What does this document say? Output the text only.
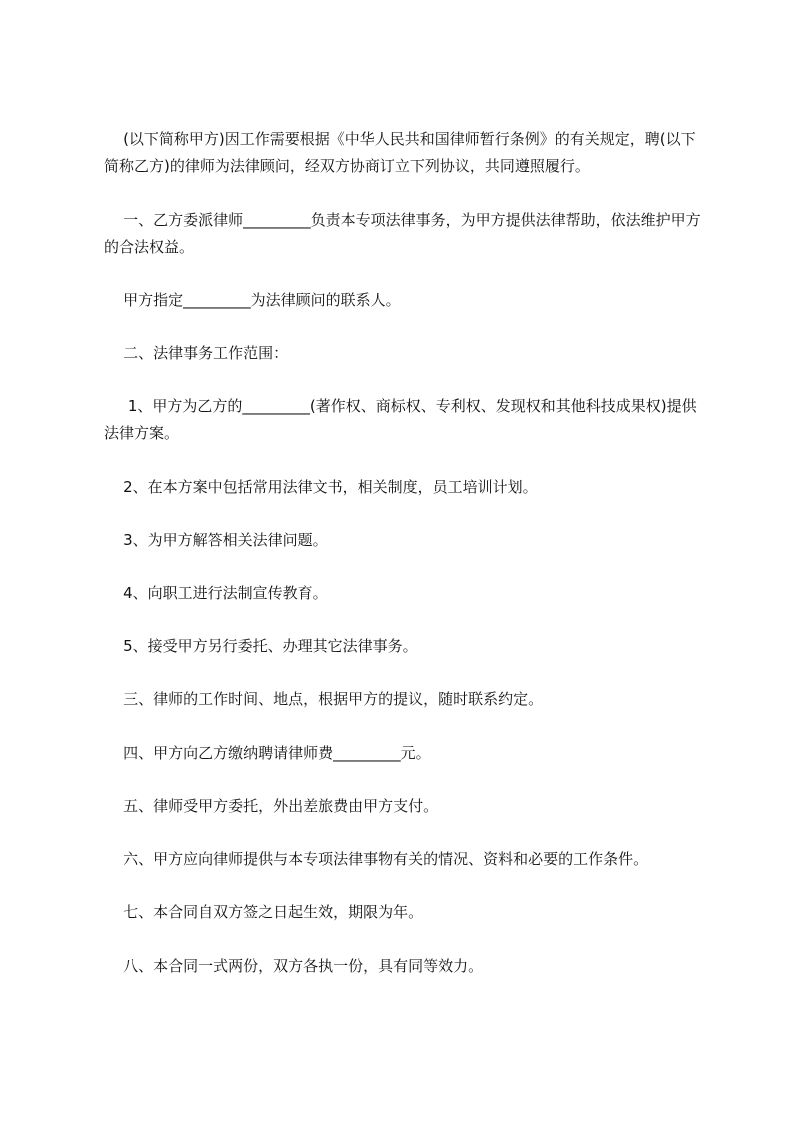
(以下简称甲方)因工作需要根据《中华人民共和国律师暂行条例》的有关规定，聘(以下简称乙方)的律师为法律顾问，经双方协商订立下列协议，共同遵照履行。
一、乙方委派律师_________负责本专项法律事务，为甲方提供法律帮助，依法维护甲方的合法权益。
甲方指定_________为法律顾问的联系人。
二、法律事务工作范围：
1、甲方为乙方的_________(著作权、商标权、专利权、发现权和其他科技成果权)提供法律方案。
2、在本方案中包括常用法律文书，相关制度，员工培训计划。
3、为甲方解答相关法律问题。
4、向职工进行法制宣传教育。
5、接受甲方另行委托、办理其它法律事务。
三、律师的工作时间、地点，根据甲方的提议，随时联系约定。
四、甲方向乙方缴纳聘请律师费_________元。
五、律师受甲方委托，外出差旅费由甲方支付。
六、甲方应向律师提供与本专项法律事物有关的情况、资料和必要的工作条件。
七、本合同自双方签之日起生效，期限为年。
八、本合同一式两份，双方各执一份，具有同等效力。
